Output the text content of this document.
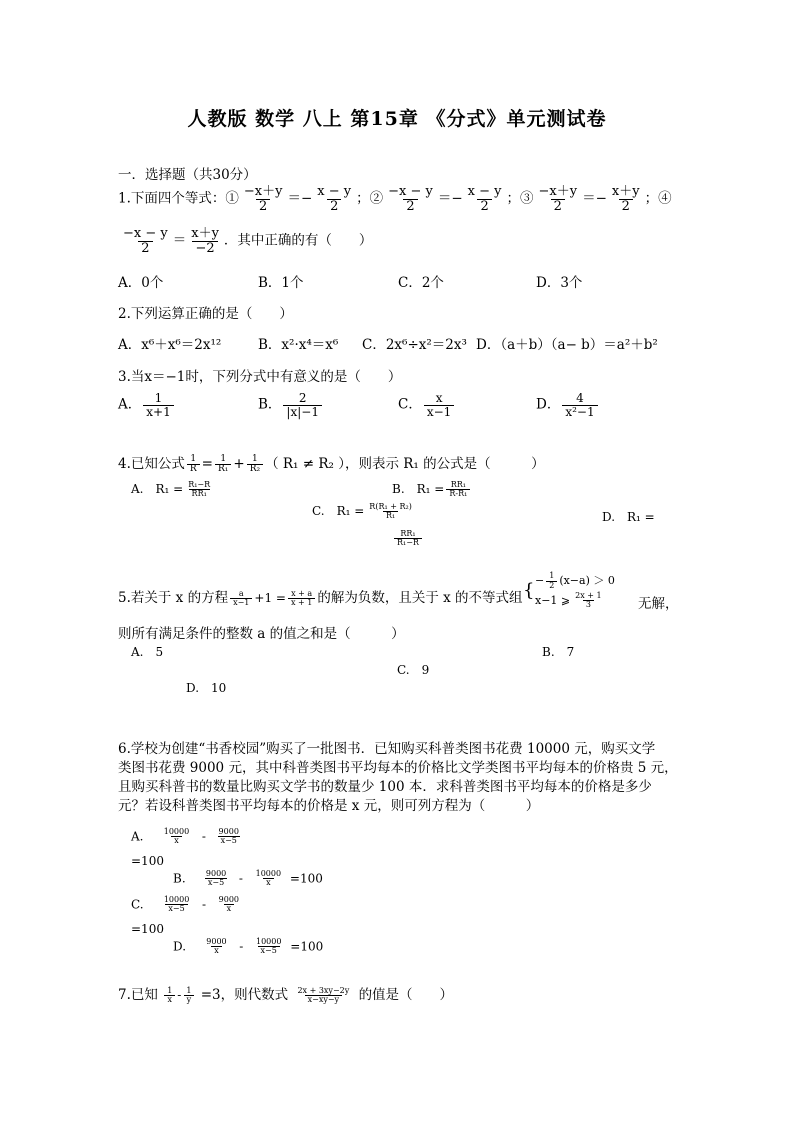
人教版 数学 八上 第15章 《分式》单元测试卷
一．选择题（共30分）
1.下面四个等式：① $\frac{-x+y}{2} =- \frac{x - y}{2}$ ；② $\frac{-x - y}{2} =- \frac{x - y}{2}$ ；③ $\frac{-x+y}{2} =- \frac{x+y}{2}$ ；④
$\frac{-x - y}{2} = \frac{x+y}{-2}$ ．其中正确的有（　　）
A．0个	B．1个	C．2个	D．3个
2.下列运算正确的是（　　）
A．x⁶＋x⁶＝2x¹²	B．x²·x⁴＝x⁶ C．2x⁶÷x²＝2x³ D．（a＋b）（a− b）＝a²＋b²
3.当x＝−1时，下列分式中有意义的是（　　）
A． $\frac{1}{x+1}$	B． $\frac{2}{|x|-1}$	C． $\frac{x}{x-1}$	D． $\frac{4}{\text{x²−1}}$
4.已知公式 $\frac{1}{R} = \frac{1}{\text{R₁}} + \frac{1}{\text{R₂}}$ （ R₁ ≠ R₂ ），则表示 R₁ 的公式是（　　　）
A.　$R_1 = \frac{\text{R₁−R}}{\text{RR₁}}$	B.　$R_1 = \frac{\text{RR₁}}{\text{R-R₁}}$
C.　$R_1 = \frac{\text{R(R₁ + R₂)}}{\text{R₁}}$
$\frac{\text{RR₁}}{\text{R₁−R}}$
D.　R₁ =
5.若关于 x 的方程 $\frac{a}{x-1} +1 = \frac{x + a}{x + 1}$ 的解为负数，且关于 x 的不等式组 { − $\frac{1}{2} (x-a) > 0$
x−1 ⩾ $\frac{2x + 1}{3}$ 无解，
则所有满足条件的整数 a 的值之和是（　　　）
A.　5	B.　7
C.　9
D.　10
6.学校为创建“书香校园”购买了一批图书．已知购买科普类图书花费 10000 元，购买文学
类图书花费 9000 元，其中科普类图书平均每本的价格比文学类图书平均每本的价格贵 5 元，
且购买科普书的数量比购买文学书的数量少 100 本．求科普类图书平均每本的价格是多少
元？若设科普类图书平均每本的价格是 x 元，则可列方程为（　　　）
A. $\frac{10000}{x} - \frac{9000}{x-5}$
=100
B. $\frac{9000}{x-5} - \frac{10000}{x} =100$
C. $\frac{10000}{x-5} - \frac{9000}{x}$
=100
D. $\frac{9000}{x} - \frac{10000}{x-5} =100$
7.已知 $\frac{1}{x} - \frac{1}{y} =3$，则代数式 $\frac{2x + 3xy-2y}{x-xy-y}$ 的值是（　　）
